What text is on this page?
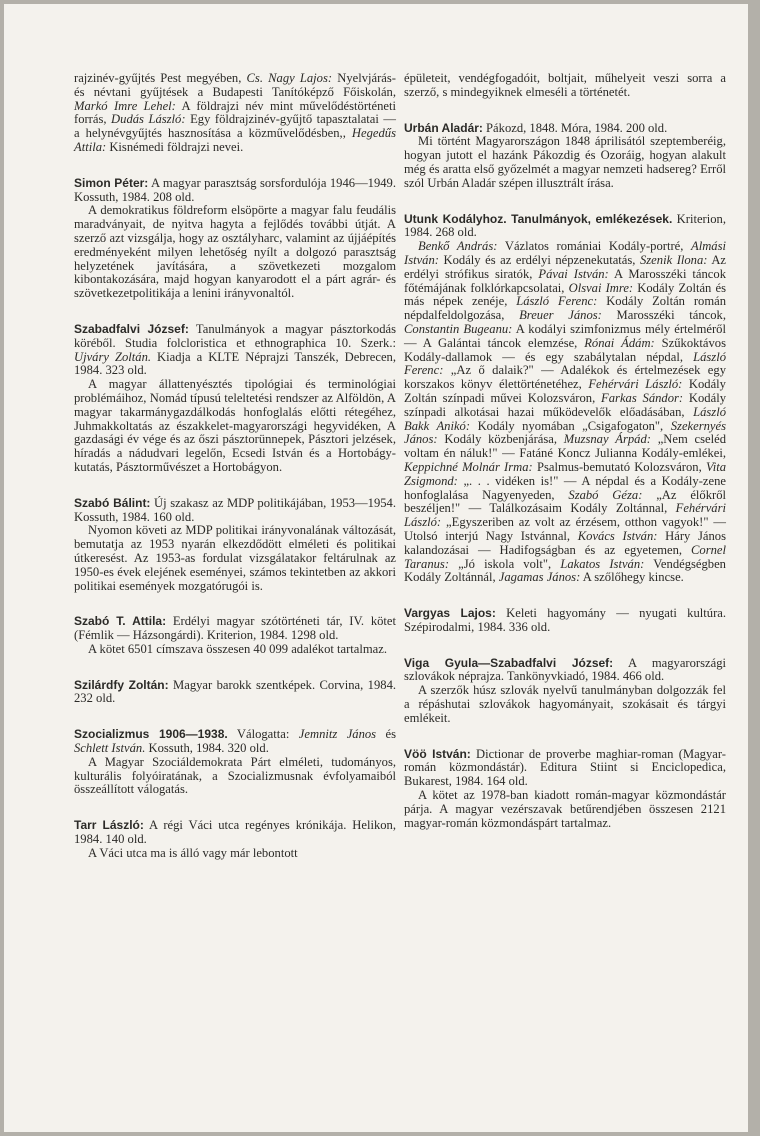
rajzinév-gyűjtés Pest megyében, Cs. Nagy Lajos: Nyelvjárás- és névtani gyűjtések a Budapesti Tanítóképző Főiskolán, Markó Imre Lehel: A földrajzi név mint művelődéstörténeti forrás, Dudás László: Egy földrajzinév-gyűjtő tapasztalatai — a helynévgyűjtés hasznosítása a közművelődésben,, Hegedűs Attila: Kisnémedi földrajzi nevei.

Simon Péter: A magyar parasztság sorsfordulója 1946—1949. Kossuth, 1984. 208 old.

A demokratikus földreform elsöpörte a magyar falu feudális maradványait, de nyitva hagyta a fejlődés további útját. A szerző azt vizsgálja, hogy az osztályharc, valamint az újjáépítés eredményeként milyen lehetőség nyílt a dolgozó parasztság helyzetének javítására, a szövetkezeti mozgalom kibontakozására, majd hogyan kanyarodott el a párt agrár- és szövetkezetpolitikája a lenini irányvonaltól.

Szabadfalvi József: Tanulmányok a magyar pásztorkodás köréből. Studia folcloristica et ethnographica 10. Szerk.: Ujváry Zoltán. Kiadja a KLTE Néprajzi Tanszék, Debrecen, 1984. 323 old.

A magyar állattenyésztés tipológiai és terminológiai problémáihoz, Nomád típusú teleltetési rendszer az Alföldön, A magyar takarmánygazdálkodás honfoglalás előtti rétegéhez, Juhmakkoltatás az északkelet-magyarországi hegyvidéken, A gazdasági év vége és az őszi pásztorünnepek, Pásztori jelzések, híradás a nádudvari legelőn, Ecsedi István és a Hortobágy-kutatás, Pásztorművészet a Hortobágyon.

Szabó Bálint: Új szakasz az MDP politikájában, 1953—1954. Kossuth, 1984. 160 old.

Nyomon követi az MDP politikai irányvonalának változását, bemutatja az 1953 nyarán elkezdődött elméleti és politikai útkeresést. Az 1953-as fordulat vizsgálatakor feltárulnak az 1950-es évek elejének eseményei, számos tekintetben az akkori politikai események mozgatórugói is.

Szabó T. Attila: Erdélyi magyar szótörténeti tár, IV. kötet (Fémlik — Házsongárdi). Kriterion, 1984. 1298 old.

A kötet 6501 címszava összesen 40 099 adalékot tartalmaz.

Szilárdfy Zoltán: Magyar barokk szentképek. Corvina, 1984. 232 old.

Szocializmus 1906—1938. Válogatta: Jemnitz János és Schlett István. Kossuth, 1984. 320 old.

A Magyar Szociáldemokrata Párt elméleti, tudományos, kulturális folyóiratának, a Szocializmusnak évfolyamaiból összeállított válogatás.

Tarr László: A régi Váci utca regényes krónikája. Helikon, 1984. 140 old.

A Váci utca ma is álló vagy már lebontott

épületeit, vendégfogadóit, boltjait, műhelyeit veszi sorra a szerző, s mindegyiknek elmeséli a történetét.

Urbán Aladár: Pákozd, 1848. Móra, 1984. 200 old.

Mi történt Magyarországon 1848 áprilisától szeptemberéig, hogyan jutott el hazánk Pákozdig és Ozoráig, hogyan alakult még és aratta első győzelmét a magyar nemzeti hadsereg? Erről szól Urbán Aladár szépen illusztrált írása.

Utunk Kodályhoz. Tanulmányok, emlékezések. Kriterion, 1984. 268 old.

Benkő András: Vázlatos romániai Kodály-portré, Almási István: Kodály és az erdélyi népzenekutatás, Szenik Ilona: Az erdélyi strófikus siratók, Pávai István: A Marosszéki táncok főtémájának folklórkapcsolatai, Olsvai Imre: Kodály Zoltán és más népek zenéje, László Ferenc: Kodály Zoltán román népdalfeldolgozása, Breuer János: Marosszéki táncok, Constantin Bugeanu: A kodályi szimfonizmus mély értelméről — A Galántai táncok elemzése, Rónai Ádám: Szűkoktávos Kodály-dallamok — és egy szabálytalan népdal, László Ferenc: „Az ő dalaik?" — Adalékok és értelmezések egy korszakos könyv élettörténetéhez, Fehérvári László: Kodály Zoltán színpadi művei Kolozsváron, Farkas Sándor: Kodály színpadi alkotásai hazai működevelők előadásában, László Bakk Anikó: Kodály nyomában „Csigafogaton", Szekernyés János: Kodály közbenjárása, Muzsnay Árpád: „Nem cseléd voltam én náluk!" — Fatáné Koncz Julianna Kodály-emlékei, Keppichné Molnár Irma: Psalmus-bemutató Kolozsváron, Vita Zsigmond: „. . . vidéken is!" — A népdal és a Kodály-zene honfoglalása Nagyenyeden, Szabó Géza: „Az élőkről beszéljen!" — Találkozásaim Kodály Zoltánnal, Fehérvári László: „Egyszeriben az volt az érzésem, otthon vagyok!" — Utolsó interjú Nagy Istvánnal, Kovács István: Háry János kalandozásai — Hadifogságban és az egyetemen, Cornel Taranus: „Jó iskola volt", Lakatos István: Vendégségben Kodály Zoltánnál, Jagamas János: A szőlőhegy kincse.

Vargyas Lajos: Keleti hagyomány — nyugati kultúra. Szépirodalmi, 1984. 336 old.

Viga Gyula—Szabadfalvi József: A magyarországi szlovákok néprajza. Tankönyvkiadó, 1984. 466 old.

A szerzők húsz szlovák nyelvű tanulmányban dolgozzák fel a répáshutai szlovákok hagyományait, szokásait és tárgyi emlékeit.

Vöö István: Dictionar de proverbe maghiar-roman (Magyar-román közmondástár). Editura Stiint si Enciclopedica, Bukarest, 1984. 164 old.

A kötet az 1978-ban kiadott román-magyar közmondástár párja. A magyar vezérszavak betűrendjében összesen 2121 magyar-román közmondáspárt tartalmaz.
